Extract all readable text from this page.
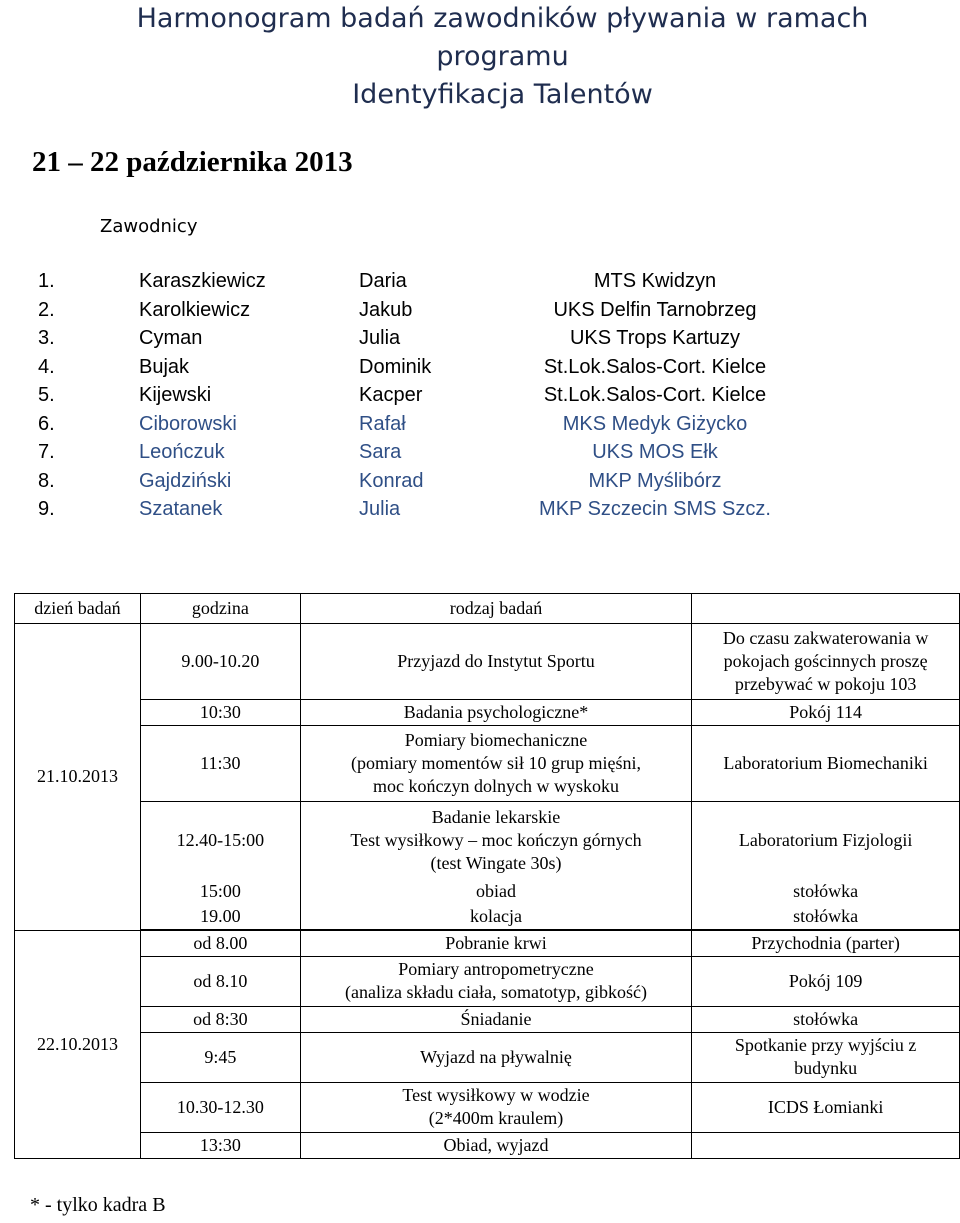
Harmonogram badań zawodników pływania w ramach
programu
Identyfikacja Talentów
21 – 22 października 2013
Zawodnicy
1.	Karaszkiewicz	Daria	MTS Kwidzyn
2.	Karolkiewicz	Jakub	UKS Delfin Tarnobrzeg
3.	Cyman	Julia	UKS Trops Kartuzy
4.	Bujak	Dominik	St.Lok.Salos-Cort. Kielce
5.	Kijewski	Kacper	St.Lok.Salos-Cort. Kielce
6.	Ciborowski	Rafał	MKS Medyk Giżycko
7.	Leończuk	Sara	UKS MOS Ełk
8.	Gajdziński	Konrad	MKP Myślibórz
9.	Szatanek	Julia	MKP Szczecin SMS Szcz.
dzień badań	godzina	rodzaj badań	
21.10.2013	9.00-10.20	Przyjazd do Instytut Sportu	Do czasu zakwaterowania w
pokojach gościnnych proszę
przebywać w pokoju 103

	10:30	Badania psychologiczne*	Pokój 114
	11:30	Pomiary biomechaniczne
(pomiary momentów sił 10 grup mięśni,
moc kończyn dolnych w wyskoku	Laboratorium Biomechaniki
	12.40-15:00	Badanie lekarskie
Test wysiłkowy – moc kończyn górnych
(test Wingate 30s)	Laboratorium Fizjologii
	15:00	obiad	stołówka
	19.00	kolacja	stołówka

22.10.2013	od 8.00	Pobranie krwi	Przychodnia (parter)
	od 8.10	Pomiary antropometryczne
(analiza składu ciała, somatotyp, gibkość)	Pokój 109
	od 8:30	Śniadanie	stołówka
	9:45	Wyjazd na pływalnię	Spotkanie przy wyjściu z
budynku

	10.30-12.30	Test wysiłkowy w wodzie
(2*400m kraulem)	ICDS Łomianki
	13:30	Obiad, wyjazd	
* - tylko kadra B
